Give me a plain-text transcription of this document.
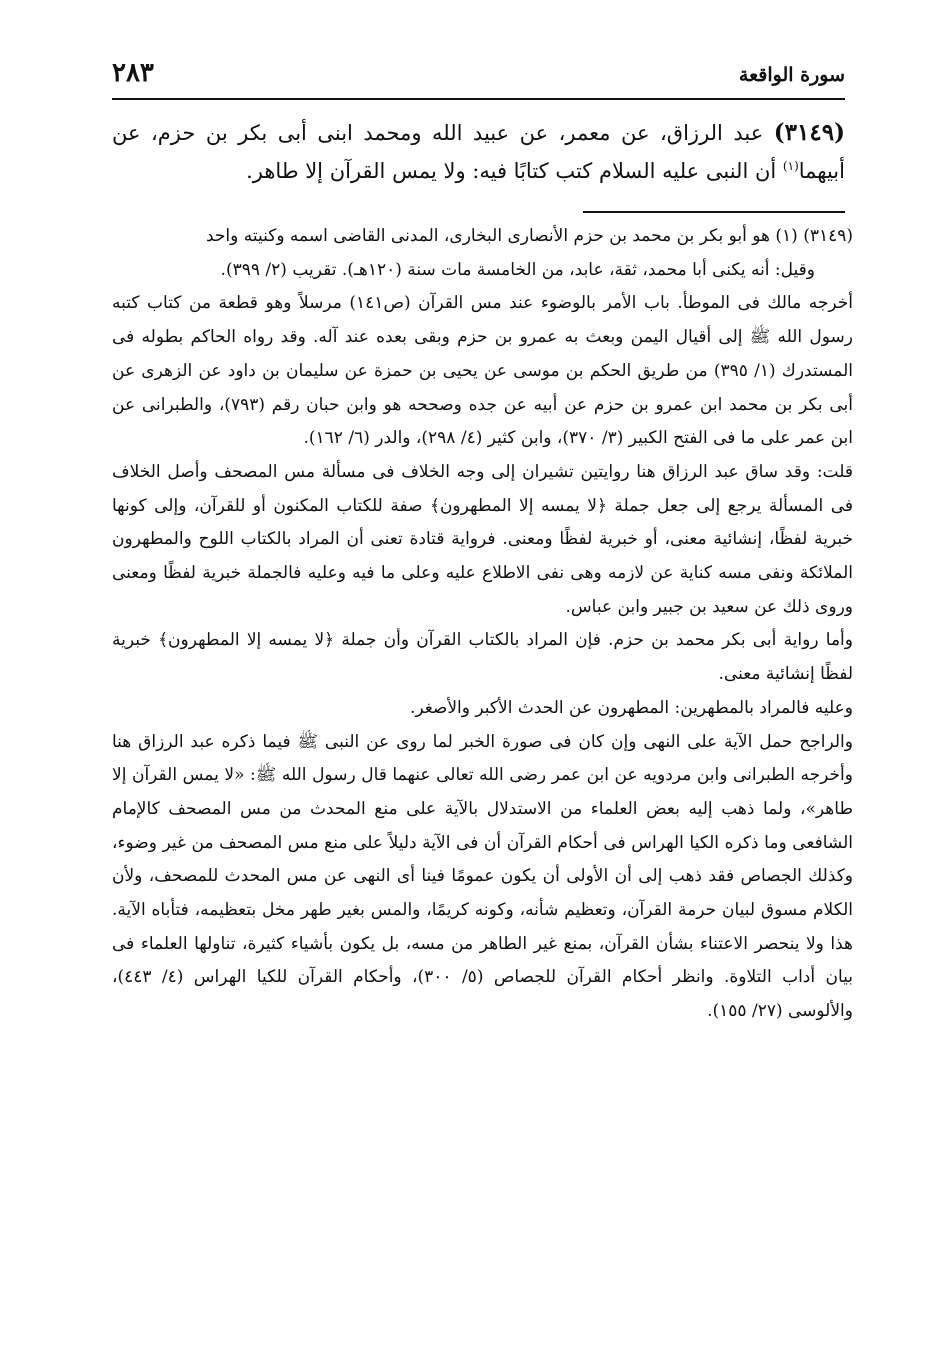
سورة الواقعة
٢٨٣
(٣١٤٩) عبد الرزاق، عن معمر، عن عبيد الله ومحمد ابنى أبى بكر بن حزم، عن أبيهما$^{(١)}$ أن النبى عليه السلام كتب كتابًا فيه: ولا يمس القرآن إلا طاهر.

(٣١٤٩) (١) هو أبو بكر بن محمد بن حزم الأنصارى البخارى، المدنى القاضى اسمه وكنيته واحد

وقيل: أنه يكنى أبا محمد، ثقة، عابد، من الخامسة مات سنة (١٢٠هـ). تقريب (٢/ ٣٩٩).

أخرجه مالك فى الموطأ. باب الأمر بالوضوء عند مس القرآن (ص١٤١) مرسلاً وهو قطعة من كتاب كتبه رسول الله ﷺ إلى أقيال اليمن وبعث به عمرو بن حزم وبقى بعده عند آله. وقد رواه الحاكم بطوله فى المستدرك (١/ ٣٩٥) من طريق الحكم بن موسى عن يحيى بن حمزة عن سليمان بن داود عن الزهرى عن أبى بكر بن محمد ابن عمرو بن حزم عن أبيه عن جده وصححه هو وابن حبان رقم (٧٩٣)، والطبرانى عن ابن عمر على ما فى الفتح الكبير (٣/ ٣٧٠)، وابن كثير (٤/ ٢٩٨)، والدر (٦/ ١٦٢).

قلت: وقد ساق عبد الرزاق هنا روايتين تشيران إلى وجه الخلاف فى مسألة مس المصحف وأصل الخلاف فى المسألة يرجع إلى جعل جملة ﴿لا يمسه إلا المطهرون﴾ صفة للكتاب المكنون أو للقرآن، وإلى كونها خبرية لفظًا، إنشائية معنى، أو خبرية لفظًا ومعنى. فرواية قتادة تعنى أن المراد بالكتاب اللوح والمطهرون الملائكة ونفى مسه كناية عن لازمه وهى نفى الاطلاع عليه وعلى ما فيه وعليه فالجملة خبرية لفظًا ومعنى وروى ذلك عن سعيد بن جبير وابن عباس.

وأما رواية أبى بكر محمد بن حزم. فإن المراد بالكتاب القرآن وأن جملة ﴿لا يمسه إلا المطهرون﴾ خبرية لفظًا إنشائية معنى.

وعليه فالمراد بالمطهرين: المطهرون عن الحدث الأكبر والأصغر.

والراجح حمل الآية على النهى وإن كان فى صورة الخبر لما روى عن النبى ﷺ فيما ذكره عبد الرزاق هنا وأخرجه الطبرانى وابن مردويه عن ابن عمر رضى الله تعالى عنهما قال رسول الله ﷺ: «لا يمس القرآن إلا طاهر»، ولما ذهب إليه بعض العلماء من الاستدلال بالآية على منع المحدث من مس المصحف كالإمام الشافعى وما ذكره الكيا الهراس فى أحكام القرآن أن فى الآية دليلاً على منع مس المصحف من غير وضوء، وكذلك الجصاص فقد ذهب إلى أن الأولى أن يكون عمومًا فينا أى النهى عن مس المحدث للمصحف، ولأن الكلام مسوق لبيان حرمة القرآن، وتعظيم شأنه، وكونه كريمًا، والمس بغير طهر مخل بتعظيمه، فتأباه الآية. هذا ولا ينحصر الاعتناء بشأن القرآن، بمنع غير الطاهر من مسه، بل يكون بأشياء كثيرة، تناولها العلماء فى بيان أداب التلاوة. وانظر أحكام القرآن للجصاص (٥/ ٣٠٠)، وأحكام القرآن للكيا الهراس (٤/ ٤٤٣)، والألوسى (٢٧/ ١٥٥).
